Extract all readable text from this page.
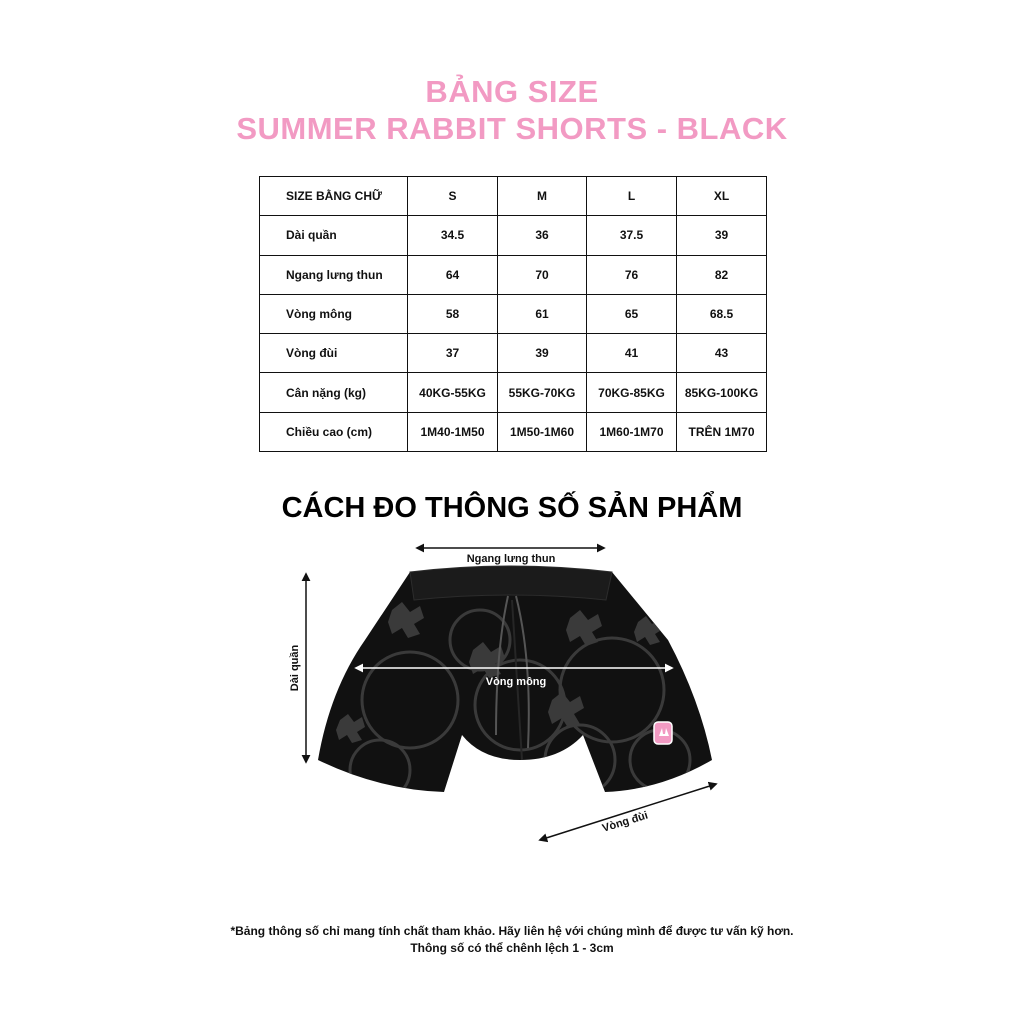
BẢNG SIZE
SUMMER RABBIT SHORTS - BLACK
SIZE BẰNG CHỮ	S	M	L	XL
Dài quần	34.5	36	37.5	39
Ngang lưng thun	64	70	76	82
Vòng mông	58	61	65	68.5
Vòng đùi	37	39	41	43
Cân nặng (kg)	40KG-55KG	55KG-70KG	70KG-85KG	85KG-100KG
Chiều cao (cm)	1M40-1M50	1M50-1M60	1M60-1M70	TRÊN 1M70
CÁCH ĐO THÔNG SỐ SẢN PHẨM
Ngang lưng thun
Dài quần	Vòng mông
Vòng đùi
*Bảng thông số chỉ mang tính chất tham khảo. Hãy liên hệ với chúng mình để được tư vấn kỹ hơn.
Thông số có thể chênh lệch 1 - 3cm
